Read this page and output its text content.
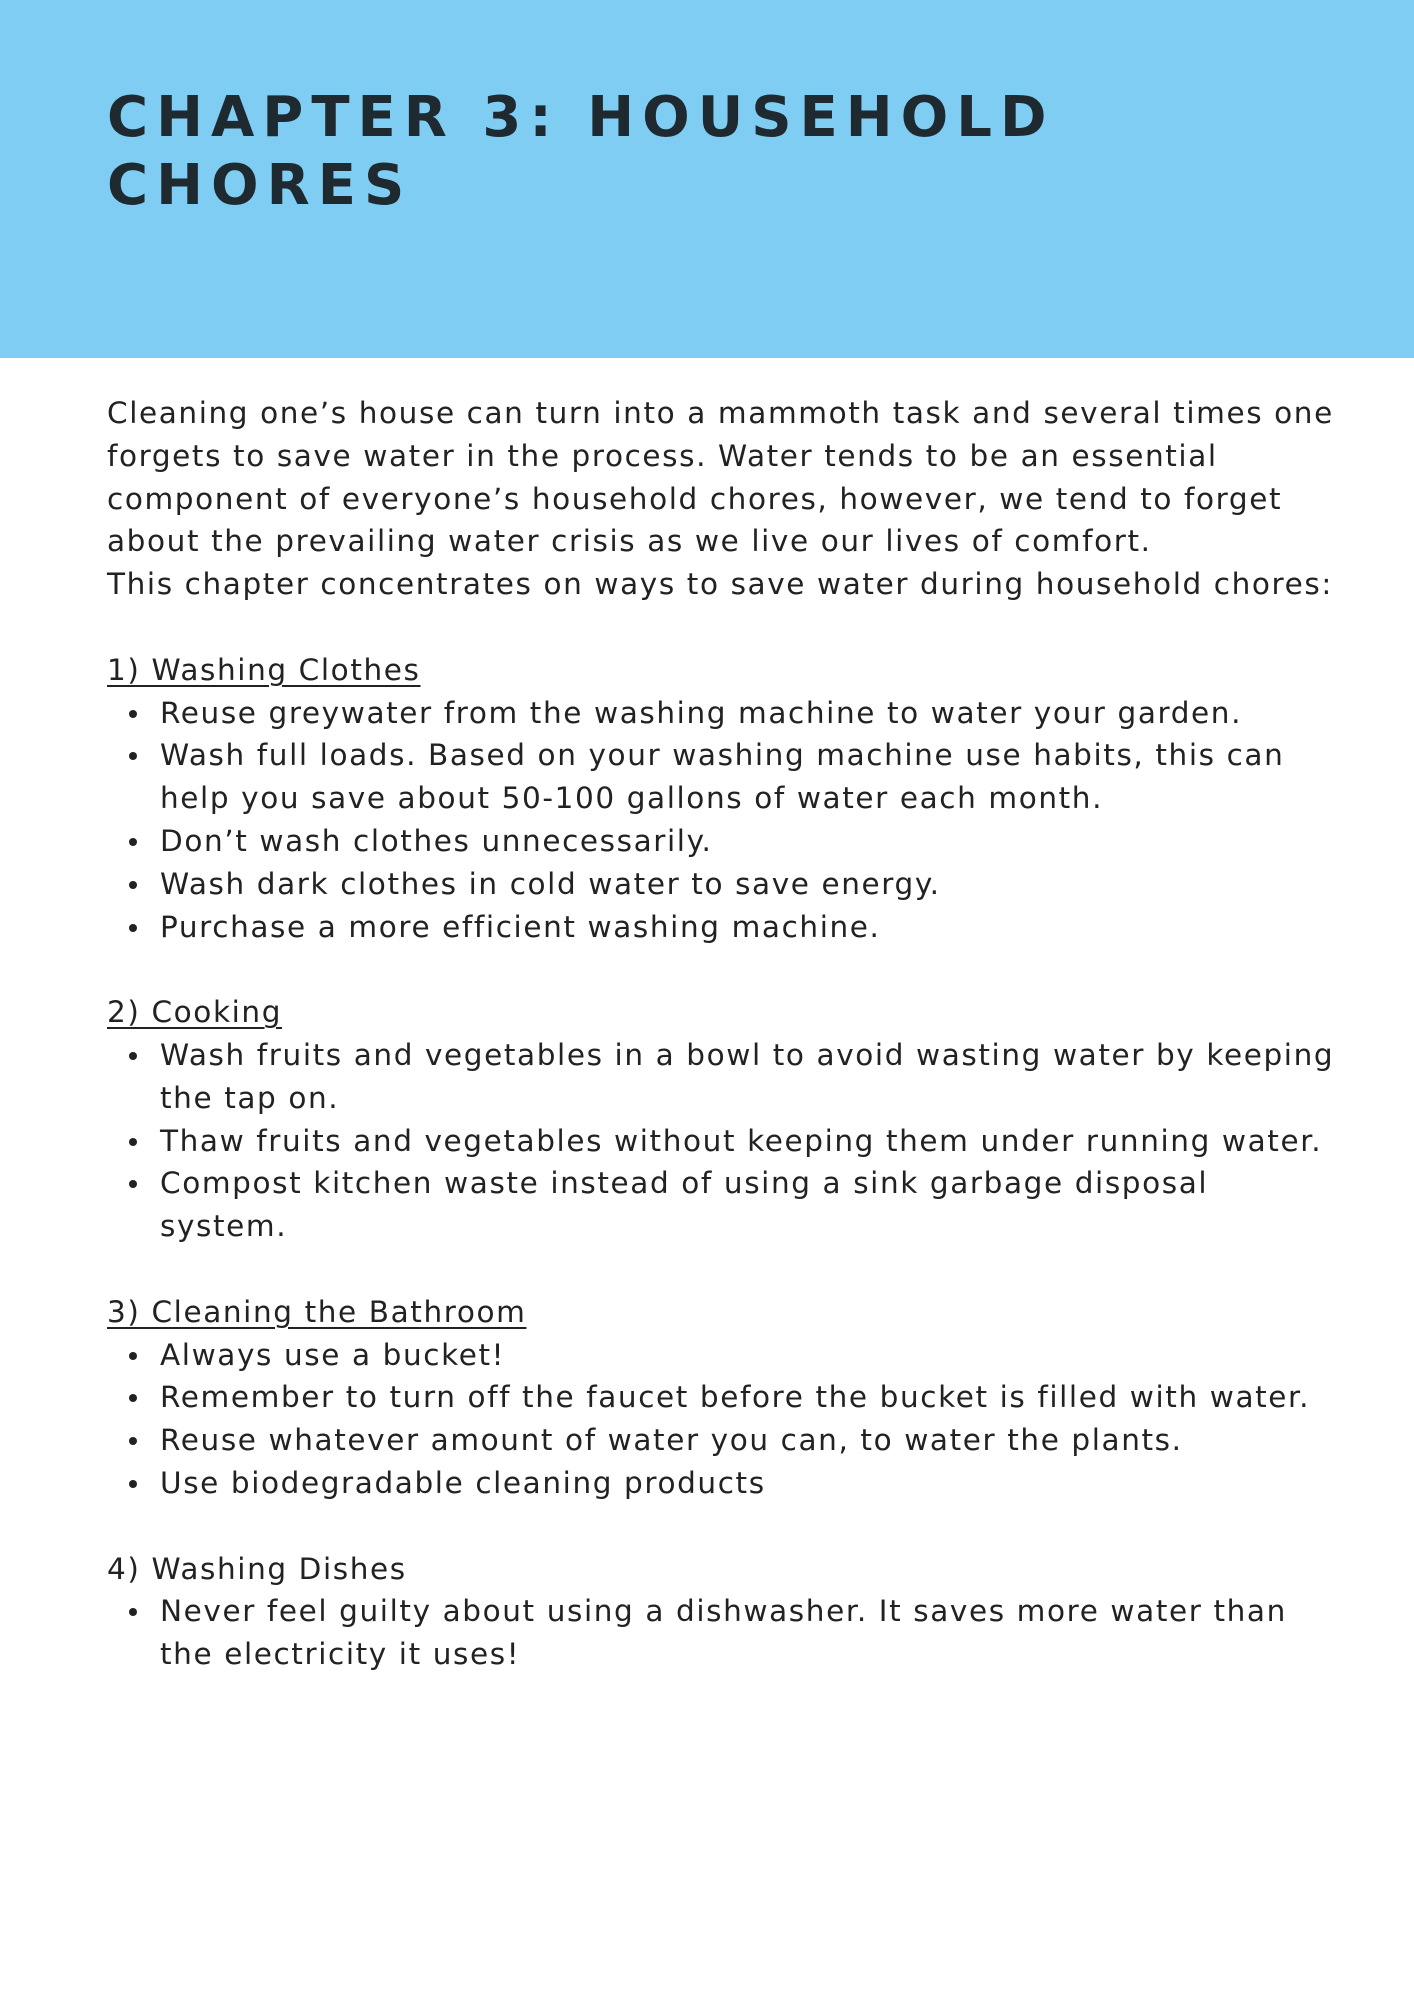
CHAPTER 3: HOUSEHOLD CHORES

Cleaning one’s house can turn into a mammoth task and several times one forgets to save water in the process. Water tends to be an essential component of everyone’s household chores, however, we tend to forget about the prevailing water crisis as we live our lives of comfort.

This chapter concentrates on ways to save water during household chores:

1) Washing Clothes
Reuse greywater from the washing machine to water your garden.
Wash full loads. Based on your washing machine use habits, this can help you save about 50-100 gallons of water each month.
Don’t wash clothes unnecessarily.
Wash dark clothes in cold water to save energy.
Purchase a more efficient washing machine.
2) Cooking
Wash fruits and vegetables in a bowl to avoid wasting water by keeping the tap on.
Thaw fruits and vegetables without keeping them under running water.
Compost kitchen waste instead of using a sink garbage disposal system.
3) Cleaning the Bathroom
Always use a bucket!
Remember to turn off the faucet before the bucket is filled with water.
Reuse whatever amount of water you can, to water the plants.
Use biodegradable cleaning products
4) Washing Dishes
Never feel guilty about using a dishwasher. It saves more water than the electricity it uses!
